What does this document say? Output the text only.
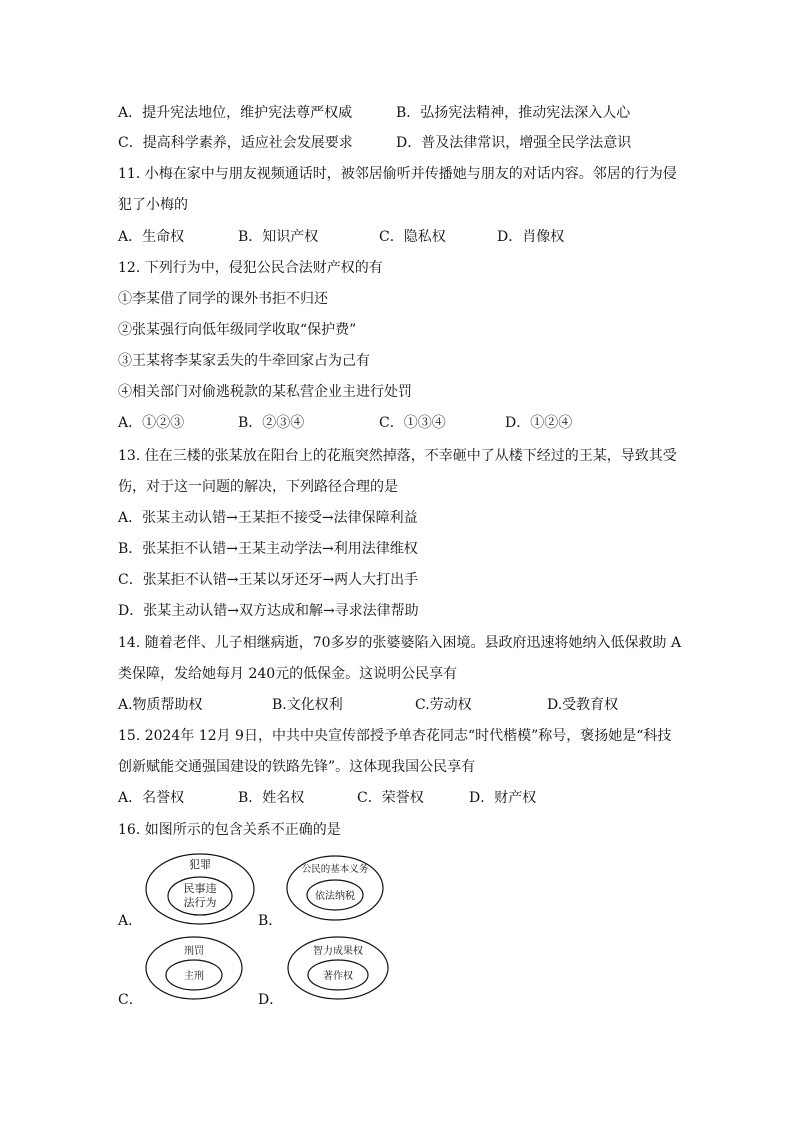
A．提升宪法地位，维护宪法尊严权威	B．弘扬宪法精神，推动宪法深入人心
C．提高科学素养，适应社会发展要求	D．普及法律常识，增强全民学法意识
11. 小梅在家中与朋友视频通话时，被邻居偷听并传播她与朋友的对话内容。邻居的行为侵
犯了小梅的
A．生命权	B．知识产权	C．隐私权	D．肖像权
12. 下列行为中，侵犯公民合法财产权的有
①李某借了同学的课外书拒不归还
②张某强行向低年级同学收取“保护费”
③王某将李某家丢失的牛牵回家占为己有
④相关部门对偷逃税款的某私营企业主进行处罚
A．①②③	B．②③④	C．①③④	D．①②④
13. 住在三楼的张某放在阳台上的花瓶突然掉落，不幸砸中了从楼下经过的王某，导致其受
伤，对于这一问题的解决，下列路径合理的是
A．张某主动认错→王某拒不接受→法律保障利益
B．张某拒不认错→王某主动学法→利用法律维权
C．张某拒不认错→王某以牙还牙→两人大打出手
D．张某主动认错→双方达成和解→寻求法律帮助
14. 随着老伴、儿子相继病逝，70多岁的张婆婆陷入困境。县政府迅速将她纳入低保救助 A
类保障，发给她每月 240元的低保金。这说明公民享有
A.物质帮助权	B.文化权利	C.劳动权	D.受教育权
15. 2024年 12月 9日，中共中央宣传部授予单杏花同志“时代楷模”称号，褒扬她是“科技
创新赋能交通强国建设的铁路先锋”。这体现我国公民享有
A．名誉权	B．姓名权	C．荣誉权	D．财产权
16. 如图所示的包含关系不正确的是
A．
犯罪
民事违
法行为
B．
公民的基本义务
依法纳税
C．
刑罚
主刑
D．
智力成果权
著作权
